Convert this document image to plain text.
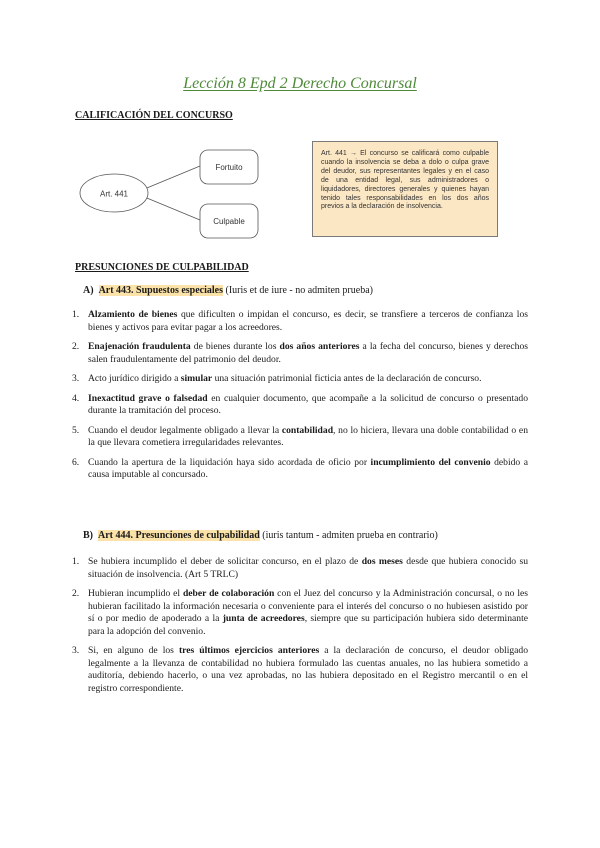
Lección 8 Epd 2 Derecho Concursal
CALIFICACIÓN DEL CONCURSO
Art. 441
Fortuito
Culpable
Art. 441 → El concurso se calificará como culpable cuando la insolvencia se deba a dolo o culpa grave del deudor, sus representantes legales y en el caso de una entidad legal, sus administradores o liquidadores, directores generales y quienes hayan tenido tales responsabilidades en los dos años previos a la declaración de insolvencia.
PRESUNCIONES DE CULPABILIDAD
A) Art 443. Supuestos especiales (Iuris et de iure - no admiten prueba)
1. Alzamiento de bienes que dificulten o impidan el concurso, es decir, se transfiere a terceros de confianza los bienes y activos para evitar pagar a los acreedores.
2. Enajenación fraudulenta de bienes durante los dos años anteriores a la fecha del concurso, bienes y derechos salen fraudulentamente del patrimonio del deudor.
3. Acto jurídico dirigido a simular una situación patrimonial ficticia antes de la declaración de concurso.
4. Inexactitud grave o falsedad en cualquier documento, que acompañe a la solicitud de concurso o presentado durante la tramitación del proceso.
5. Cuando el deudor legalmente obligado a llevar la contabilidad, no lo hiciera, llevara una doble contabilidad o en la que llevara cometiera irregularidades relevantes.
6. Cuando la apertura de la liquidación haya sido acordada de oficio por incumplimiento del convenio debido a causa imputable al concursado.
B) Art 444. Presunciones de culpabilidad (iuris tantum - admiten prueba en contrario)
1. Se hubiera incumplido el deber de solicitar concurso, en el plazo de dos meses desde que hubiera conocido su situación de insolvencia. (Art 5 TRLC)
2. Hubieran incumplido el deber de colaboración con el Juez del concurso y la Administración concursal, o no les hubieran facilitado la información necesaria o conveniente para el interés del concurso o no hubiesen asistido por sí o por medio de apoderado a la junta de acreedores, siempre que su participación hubiera sido determinante para la adopción del convenio.
3. Si, en alguno de los tres últimos ejercicios anteriores a la declaración de concurso, el deudor obligado legalmente a la llevanza de contabilidad no hubiera formulado las cuentas anuales, no las hubiera sometido a auditoría, debiendo hacerlo, o una vez aprobadas, no las hubiera depositado en el Registro mercantil o en el registro correspondiente.
